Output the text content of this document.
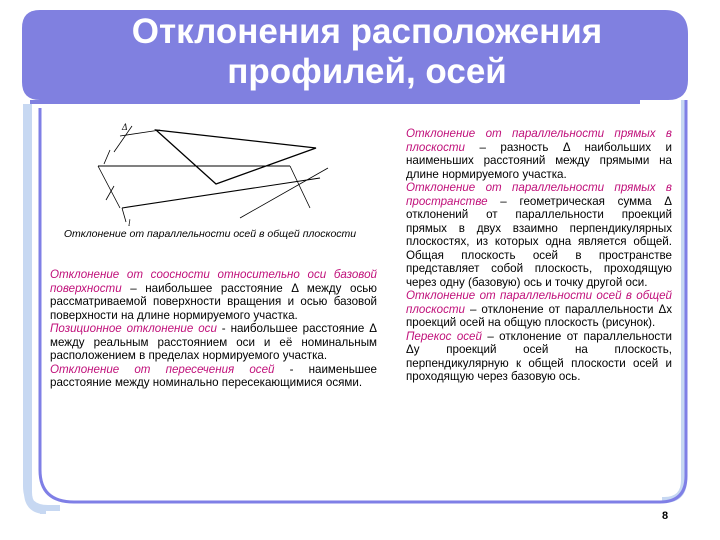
Отклонения расположения
профилей, осей
Δ
l
Отклонение от параллельности осей в общей плоскости
Отклонение от соосности относительно оси базовой поверхности – наибольшее расстояние Δ между осью рассматриваемой поверхности вращения и осью базовой поверхности на длине нормируемого участка.
Позиционное отклонение оси - наибольшее расстояние Δ между реальным расстоянием оси и её номинальным расположением в пределах нормируемого участка.
Отклонение от пересечения осей - наименьшее расстояние между номинально пересекающимися осями.
Отклонение от параллельности прямых в плоскости – разность Δ наибольших и наименьших расстояний между прямыми на длине нормируемого участка.
Отклонение от параллельности прямых в пространстве – геометрическая сумма Δ отклонений от параллельности проекций прямых в двух взаимно перпендикулярных плоскостях, из которых одна является общей. Общая плоскость осей в пространстве представляет собой плоскость, проходящую через одну (базовую) ось и точку другой оси.
Отклонение от параллельности осей в общей плоскости – отклонение от параллельности Δx проекций осей на общую плоскость (рисунок).
Перекос осей – отклонение от параллельности Δy проекций осей на плоскость, перпендикулярную к общей плоскости осей и проходящую через базовую ось.
8
